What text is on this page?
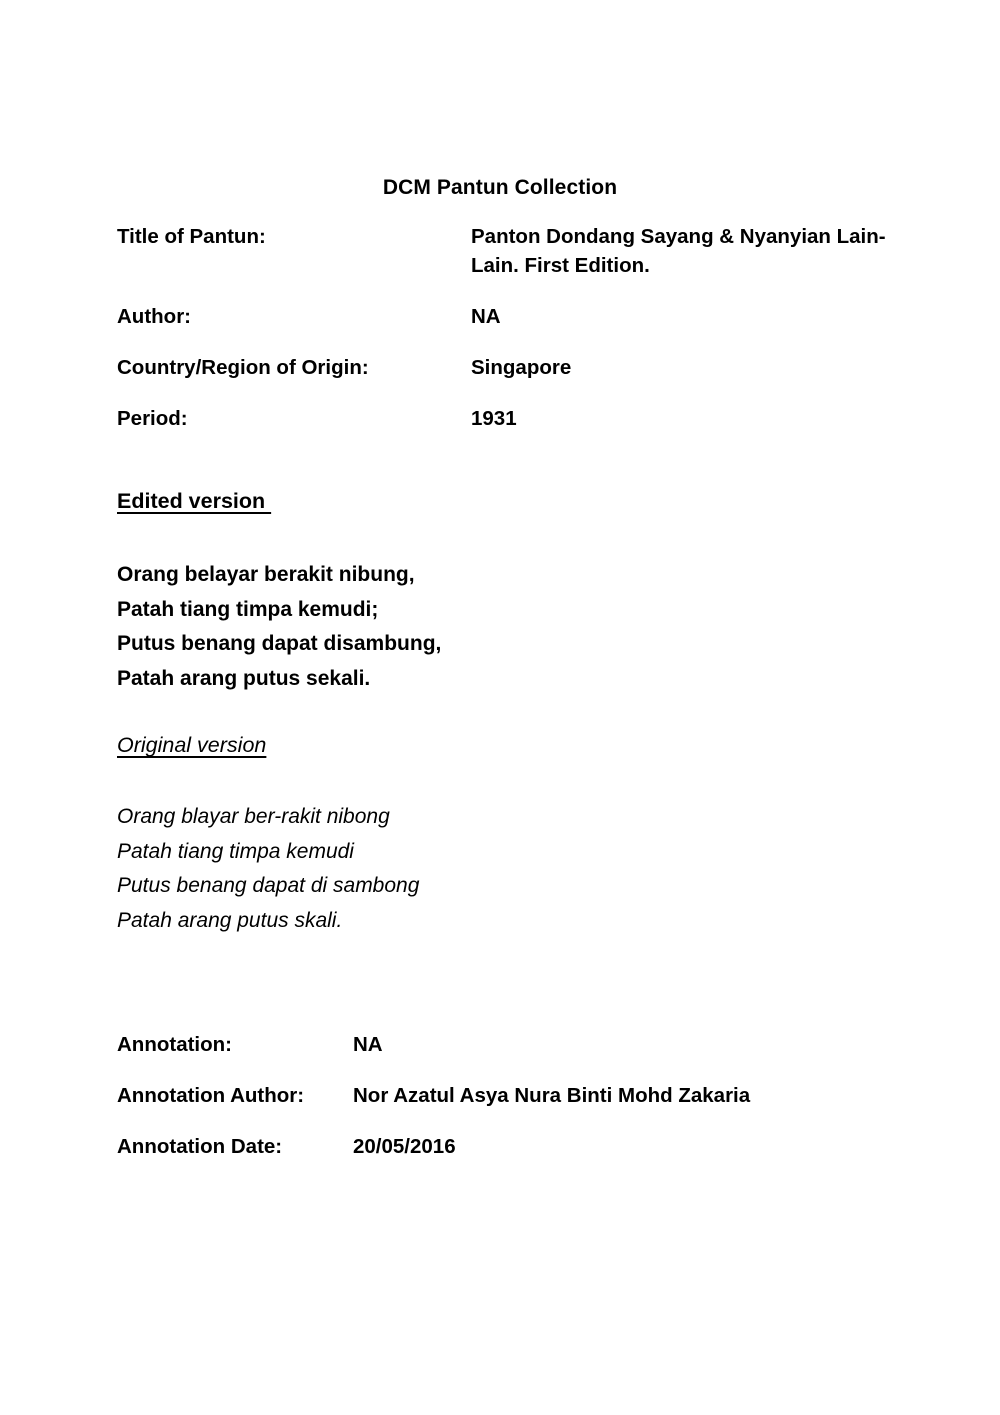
DCM Pantun Collection
Title of Pantun:	Panton Dondang Sayang & Nyanyian Lain-Lain. First Edition.
Author:	NA
Country/Region of Origin:	Singapore
Period:	1931
Edited version
Orang belayar berakit nibung,
Patah tiang timpa kemudi;
Putus benang dapat disambung,
Patah arang putus sekali.
Original version
Orang blayar ber-rakit nibong
Patah tiang timpa kemudi
Putus benang dapat di sambong
Patah arang putus skali.
Annotation:	NA
Annotation Author:	Nor Azatul Asya Nura Binti Mohd Zakaria
Annotation Date:	20/05/2016
